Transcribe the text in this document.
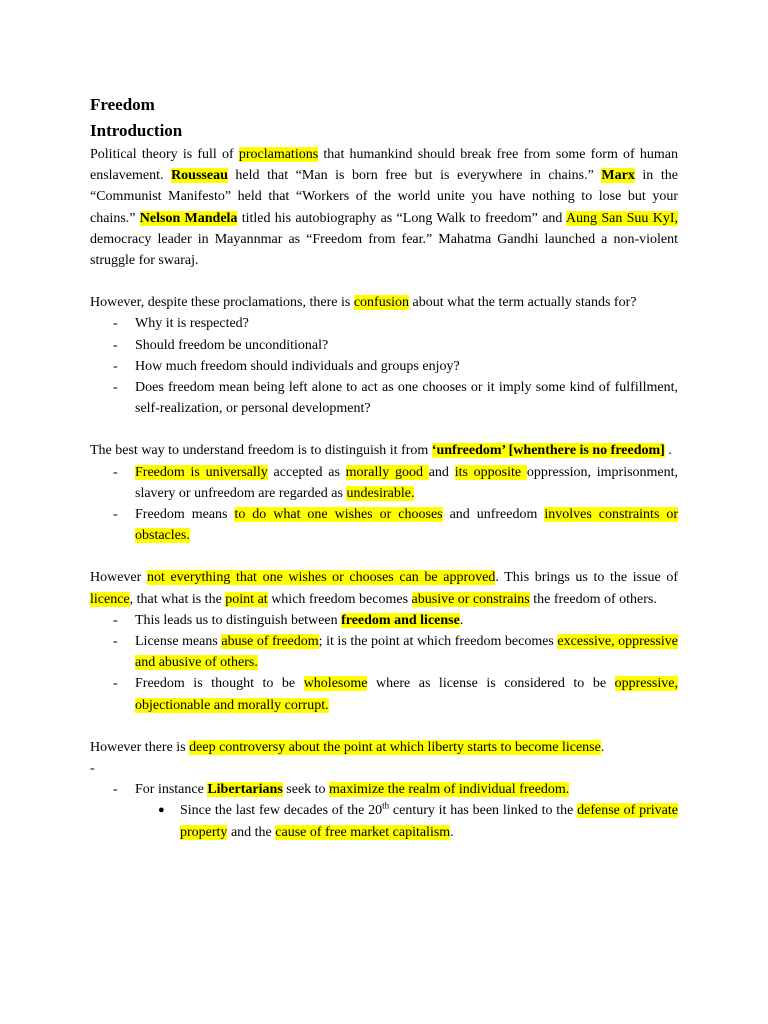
Freedom
Introduction

Political theory is full of proclamations that humankind should break free from some form of human enslavement. Rousseau held that “Man is born free but is everywhere in chains.” Marx in the “Communist Manifesto” held that “Workers of the world unite you have nothing to lose but your chains.” Nelson Mandela titled his autobiography as “Long Walk to freedom” and Aung San Suu KyI, democracy leader in Mayannmar as “Freedom from fear.” Mahatma Gandhi launched a non-violent struggle for swaraj.

However, despite these proclamations, there is confusion about what the term actually stands for?

- Why it is respected?
- Should freedom be unconditional?
- How much freedom should individuals and groups enjoy?
- Does freedom mean being left alone to act as one chooses or it imply some kind of fulfillment, self-realization, or personal development?

The best way to understand freedom is to distinguish it from ‘unfreedom’ [whenthere is no freedom] .

- Freedom is universally accepted as morally good and its opposite oppression, imprisonment, slavery or unfreedom are regarded as undesirable.
- Freedom means to do what one wishes or chooses and unfreedom involves constraints or obstacles.

However not everything that one wishes or chooses can be approved. This brings us to the issue of licence, that what is the point at which freedom becomes abusive or constrains the freedom of others.

- This leads us to distinguish between freedom and license.
- License means abuse of freedom; it is the point at which freedom becomes excessive, oppressive and abusive of others.
- Freedom is thought to be wholesome where as license is considered to be oppressive, objectionable and morally corrupt.

However there is deep controversy about the point at which liberty starts to become license.

-
- For instance Libertarians seek to maximize the realm of individual freedom.
● Since the last few decades of the 20th century it has been linked to the defense of private property and the cause of free market capitalism.
